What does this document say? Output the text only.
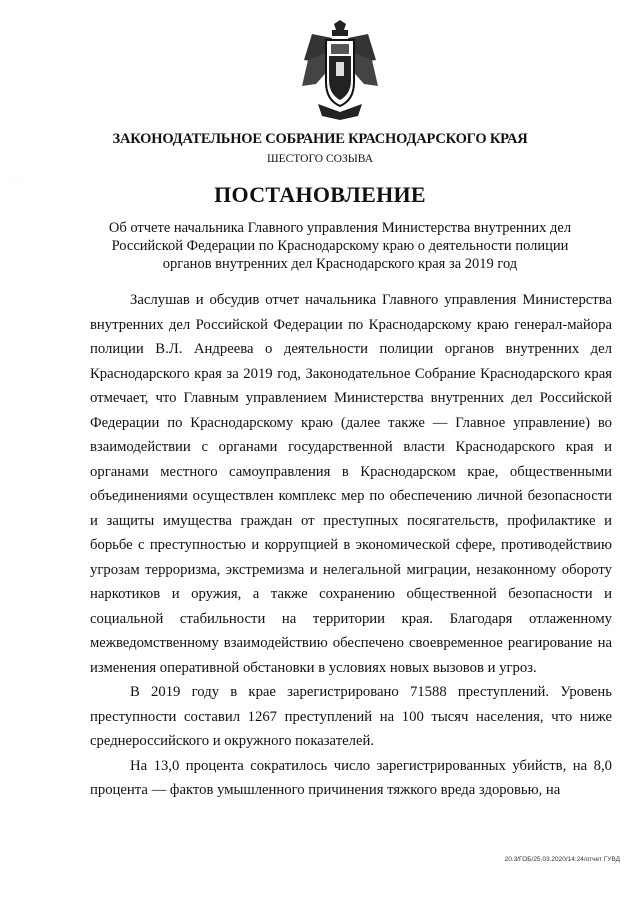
ЗАКОНОДАТЕЛЬНОЕ СОБРАНИЕ КРАСНОДАРСКОГО КРАЯ
ШЕСТОГО СОЗЫВА
ПОСТАНОВЛЕНИЕ
Об отчете начальника Главного управления Министерства внутренних дел Российской Федерации по Краснодарскому краю о деятельности полиции органов внутренних дел Краснодарского края за 2019 год

Заслушав и обсудив отчет начальника Главного управления Министерства внутренних дел Российской Федерации по Краснодарскому краю генерал-майора полиции В.Л. Андреева о деятельности полиции органов внутренних дел Краснодарского края за 2019 год, Законодательное Собрание Краснодарского края отмечает, что Главным управлением Министерства внутренних дел Российской Федерации по Краснодарскому краю (далее также — Главное управление) во взаимодействии с органами государственной власти Краснодарского края и органами местного самоуправления в Краснодарском крае, общественными объединениями осуществлен комплекс мер по обеспечению личной безопасности и защиты имущества граждан от преступных посягательств, профилактике и борьбе с преступностью и коррупцией в экономической сфере, противодействию угрозам терроризма, экстремизма и нелегальной миграции, незаконному обороту наркотиков и оружия, а также сохранению общественной безопасности и социальной стабильности на территории края. Благодаря отлаженному межведомственному взаимодействию обеспечено своевременное реагирование на изменения оперативной обстановки в условиях новых вызовов и угроз.

В 2019 году в крае зарегистрировано 71588 преступлений. Уровень преступности составил 1267 преступлений на 100 тысяч населения, что ниже среднероссийского и окружного показателей.

На 13,0 процента сократилось число зарегистрированных убийств, на 8,0 процента — фактов умышленного причинения тяжкого вреда здоровью, на

· ·
20.3/ГОБ/25.03.2020/14:24/отчет ГУВД
